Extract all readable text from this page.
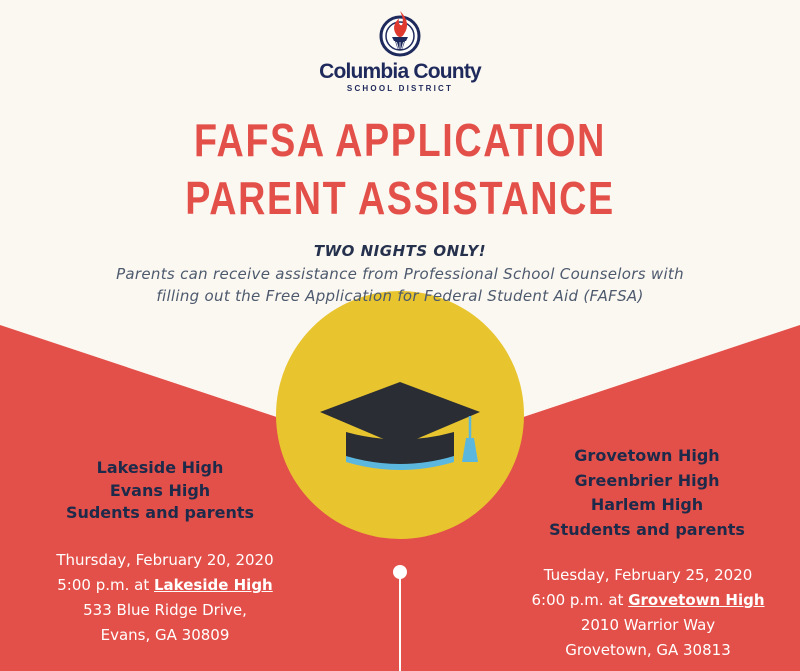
Columbia County
SCHOOL DISTRICT
FAFSA APPLICATION
PARENT ASSISTANCE
TWO NIGHTS ONLY!
Parents can receive assistance from Professional School Counselors with
filling out the Free Application for Federal Student Aid (FAFSA)
Lakeside High
Evans High
Sudents and parents
Grovetown High
Greenbrier High
Harlem High
Students and parents
Thursday, February 20, 2020
5:00 p.m. at Lakeside High
533 Blue Ridge Drive,
Evans, GA 30809
Tuesday, February 25, 2020
6:00 p.m. at Grovetown High
2010 Warrior Way
Grovetown, GA 30813
